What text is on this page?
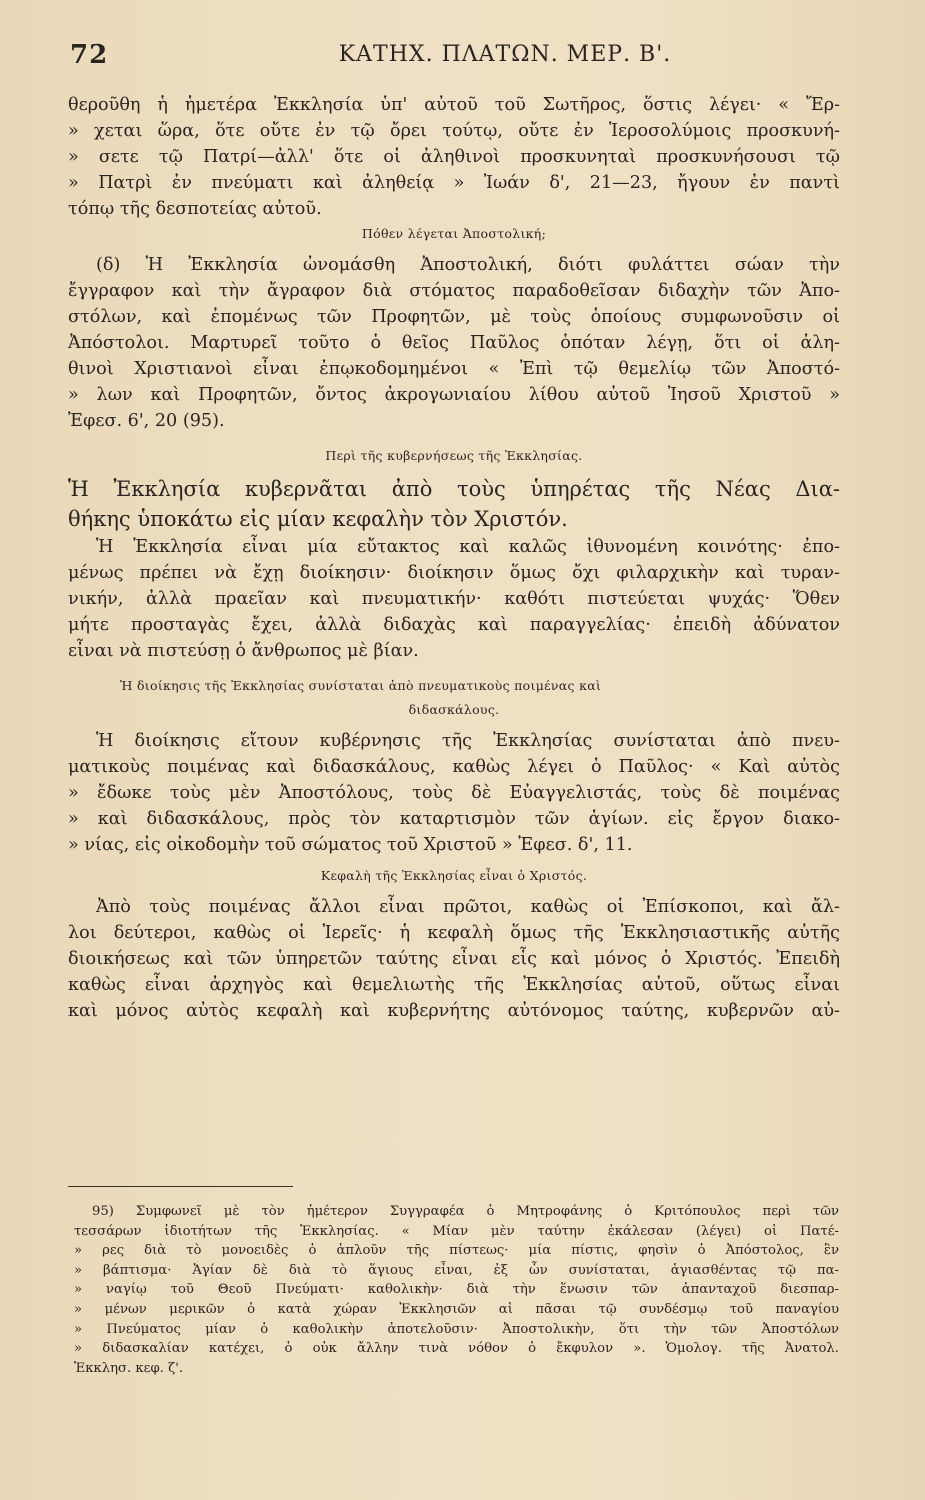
72	ΚΑΤΗΧ. ΠΛΑΤΩΝ. ΜΕΡ. Β'.
θεροῦθη ἡ ἡμετέρα Ἐκκλησία ὑπ' αὐτοῦ τοῦ Σωτῆρος, ὅστις λέγει· « Ἔρ-
» χεται ὥρα, ὅτε οὔτε ἐν τῷ ὄρει τούτῳ, οὔτε ἐν Ἱεροσολύμοις προσκυνή-
» σετε τῷ Πατρί—ἀλλ' ὅτε οἱ ἀληθινοὶ προσκυνηταὶ προσκυνήσουσι τῷ
» Πατρὶ ἐν πνεύματι καὶ ἀληθείᾳ » Ἰωάν δ', 21—23, ἤγουν ἐν παντὶ
τόπῳ τῆς δεσποτείας αὐτοῦ.
Πόθεν λέγεται Ἀποστολική;
(δ) Ἡ Ἐκκλησία ὠνομάσθη Ἀποστολική, διότι φυλάττει σώαν τὴν
ἔγγραφον καὶ τὴν ἄγραφον διὰ στόματος παραδοθεῖσαν διδαχὴν τῶν Ἀπο-
στόλων, καὶ ἐπομένως τῶν Προφητῶν, μὲ τοὺς ὁποίους συμφωνοῦσιν οἱ
Ἀπόστολοι. Μαρτυρεῖ τοῦτο ὁ θεῖος Παῦλος ὁπόταν λέγῃ, ὅτι οἱ ἀλη-
θινοὶ Χριστιανοὶ εἶναι ἐπῳκοδομημένοι « Ἐπὶ τῷ θεμελίῳ τῶν Ἀποστό-
» λων καὶ Προφητῶν, ὄντος ἀκρογωνιαίου λίθου αὐτοῦ Ἰησοῦ Χριστοῦ »
Ἐφεσ. 6', 20 (95).
Περὶ τῆς κυβερνήσεως τῆς Ἐκκλησίας.
Ἡ Ἐκκλησία κυβερνᾶται ἀπὸ τοὺς ὑπηρέτας τῆς Νέας Δια-
θήκης ὑποκάτω εἰς μίαν κεφαλὴν τὸν Χριστόν.
Ἡ Ἐκκλησία εἶναι μία εὔτακτος καὶ καλῶς ἰθυνομένη κοινότης· ἐπο-
μένως πρέπει νὰ ἔχῃ διοίκησιν· διοίκησιν ὅμως ὄχι φιλαρχικὴν καὶ τυραν-
νικήν, ἀλλὰ πραεῖαν καὶ πνευματικήν· καθότι πιστεύεται ψυχάς· Ὅθεν
μήτε προσταγὰς ἔχει, ἀλλὰ διδαχὰς καὶ παραγγελίας· ἐπειδὴ ἀδύνατον
εἶναι νὰ πιστεύσῃ ὁ ἄνθρωπος μὲ βίαν.
Ἡ διοίκησις τῆς Ἐκκλησίας συνίσταται ἀπὸ πνευματικοὺς ποιμένας καὶ
διδασκάλους.
Ἡ διοίκησις εἴτουν κυβέρνησις τῆς Ἐκκλησίας συνίσταται ἀπὸ πνευ-
ματικοὺς ποιμένας καὶ διδασκάλους, καθὼς λέγει ὁ Παῦλος· « Καὶ αὐτὸς
» ἔδωκε τοὺς μὲν Ἀποστόλους, τοὺς δὲ Εὐαγγελιστάς, τοὺς δὲ ποιμένας
» καὶ διδασκάλους, πρὸς τὸν καταρτισμὸν τῶν ἁγίων. εἰς ἔργον διακο-
» νίας, εἰς οἰκοδομὴν τοῦ σώματος τοῦ Χριστοῦ » Ἐφεσ. δ', 11.
Κεφαλὴ τῆς Ἐκκλησίας εἶναι ὁ Χριστός.
Ἀπὸ τοὺς ποιμένας ἄλλοι εἶναι πρῶτοι, καθὼς οἱ Ἐπίσκοποι, καὶ ἄλ-
λοι δεύτεροι, καθὼς οἱ Ἱερεῖς· ἡ κεφαλὴ ὅμως τῆς Ἐκκλησιαστικῆς αὐτῆς
διοικήσεως καὶ τῶν ὑπηρετῶν ταύτης εἶναι εἷς καὶ μόνος ὁ Χριστός. Ἐπειδὴ
καθὼς εἶναι ἀρχηγὸς καὶ θεμελιωτὴς τῆς Ἐκκλησίας αὐτοῦ, οὕτως εἶναι
καὶ μόνος αὐτὸς κεφαλὴ καὶ κυβερνήτης αὐτόνομος ταύτης, κυβερνῶν αὐ-
95) Συμφωνεῖ μὲ τὸν ἡμέτερον Συγγραφέα ὁ Μητροφάνης ὁ Κριτόπουλος περὶ τῶν
τεσσάρων ἰδιοτήτων τῆς Ἐκκλησίας. « Μίαν μὲν ταύτην ἐκάλεσαν (λέγει) οἱ Πατέ-
» ρες διὰ τὸ μονοειδὲς ὁ ἁπλοῦν τῆς πίστεως· μία πίστις, φησὶν ὁ Ἀπόστολος, ἓν
» βάπτισμα· Ἁγίαν δὲ διὰ τὸ ἅγιους εἶναι, ἐξ ὧν συνίσταται, ἁγιασθέντας τῷ πα-
» ναγίῳ τοῦ Θεοῦ Πνεύματι· καθολικὴν· διὰ τὴν ἕνωσιν τῶν ἁπανταχοῦ διεσπαρ-
» μένων μερικῶν ὁ κατὰ χώραν Ἐκκλησιῶν αἱ πᾶσαι τῷ συνδέσμῳ τοῦ παναγίου
» Πνεύματος μίαν ὁ καθολικὴν ἀποτελοῦσιν· Ἀποστολικὴν, ὅτι τὴν τῶν Ἀποστόλων
» διδασκαλίαν κατέχει, ὁ οὐκ ἄλλην τινὰ νόθον ὁ ἔκφυλον ». Ὁμολογ. τῆς Ἀνατολ.
Ἐκκλησ. κεφ. ζ'.
